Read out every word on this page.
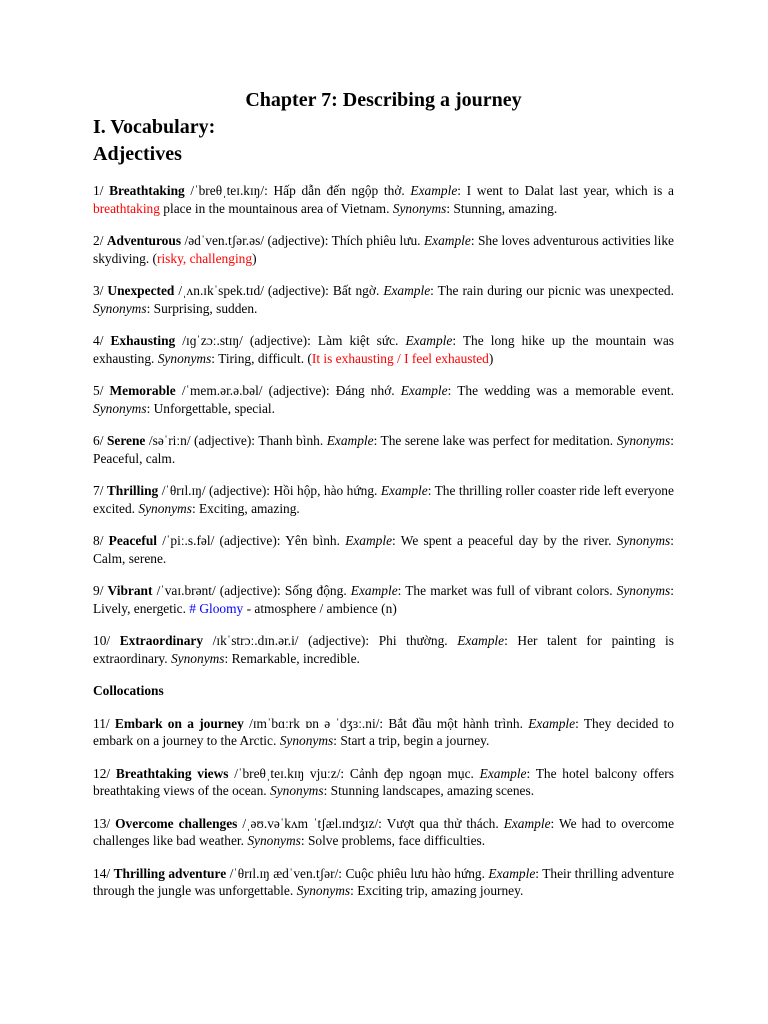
Chapter 7: Describing a journey
I. Vocabulary:
Adjectives

1/ Breathtaking /ˈbreθˌteɪ.kɪŋ/: Hấp dẫn đến ngộp thở. Example: I went to Dalat last year, which is a breathtaking place in the mountainous area of Vietnam. Synonyms: Stunning, amazing.

2/ Adventurous /ədˈven.tʃər.əs/ (adjective): Thích phiêu lưu. Example: She loves adventurous activities like skydiving. (risky, challenging)

3/ Unexpected /ˌʌn.ɪkˈspek.tɪd/ (adjective): Bất ngờ. Example: The rain during our picnic was unexpected. Synonyms: Surprising, sudden.

4/ Exhausting /ɪɡˈzɔː.stɪŋ/ (adjective): Làm kiệt sức. Example: The long hike up the mountain was exhausting. Synonyms: Tiring, difficult. (It is exhausting / I feel exhausted)

5/ Memorable /ˈmem.ər.ə.bəl/ (adjective): Đáng nhớ. Example: The wedding was a memorable event. Synonyms: Unforgettable, special.

6/ Serene /səˈriːn/ (adjective): Thanh bình. Example: The serene lake was perfect for meditation. Synonyms: Peaceful, calm.

7/ Thrilling /ˈθrɪl.ɪŋ/ (adjective): Hồi hộp, hào hứng. Example: The thrilling roller coaster ride left everyone excited. Synonyms: Exciting, amazing.

8/ Peaceful /ˈpiː.s.fəl/ (adjective): Yên bình. Example: We spent a peaceful day by the river. Synonyms: Calm, serene.

9/ Vibrant /ˈvaɪ.brənt/ (adjective): Sống động. Example: The market was full of vibrant colors. Synonyms: Lively, energetic. # Gloomy - atmosphere / ambience (n)

10/ Extraordinary /ɪkˈstrɔː.dɪn.ər.i/ (adjective): Phi thường. Example: Her talent for painting is extraordinary. Synonyms: Remarkable, incredible.

Collocations

11/ Embark on a journey /ɪmˈbɑːrk ɒn ə ˈdʒɜː.ni/: Bắt đầu một hành trình. Example: They decided to embark on a journey to the Arctic. Synonyms: Start a trip, begin a journey.

12/ Breathtaking views /ˈbreθˌteɪ.kɪŋ vjuːz/: Cảnh đẹp ngoạn mục. Example: The hotel balcony offers breathtaking views of the ocean. Synonyms: Stunning landscapes, amazing scenes.

13/ Overcome challenges /ˌəʊ.vəˈkʌm ˈtʃæl.ɪndʒɪz/: Vượt qua thử thách. Example: We had to overcome challenges like bad weather. Synonyms: Solve problems, face difficulties.

14/ Thrilling adventure /ˈθrɪl.ɪŋ ædˈven.tʃər/: Cuộc phiêu lưu hào hứng. Example: Their thrilling adventure through the jungle was unforgettable. Synonyms: Exciting trip, amazing journey.
